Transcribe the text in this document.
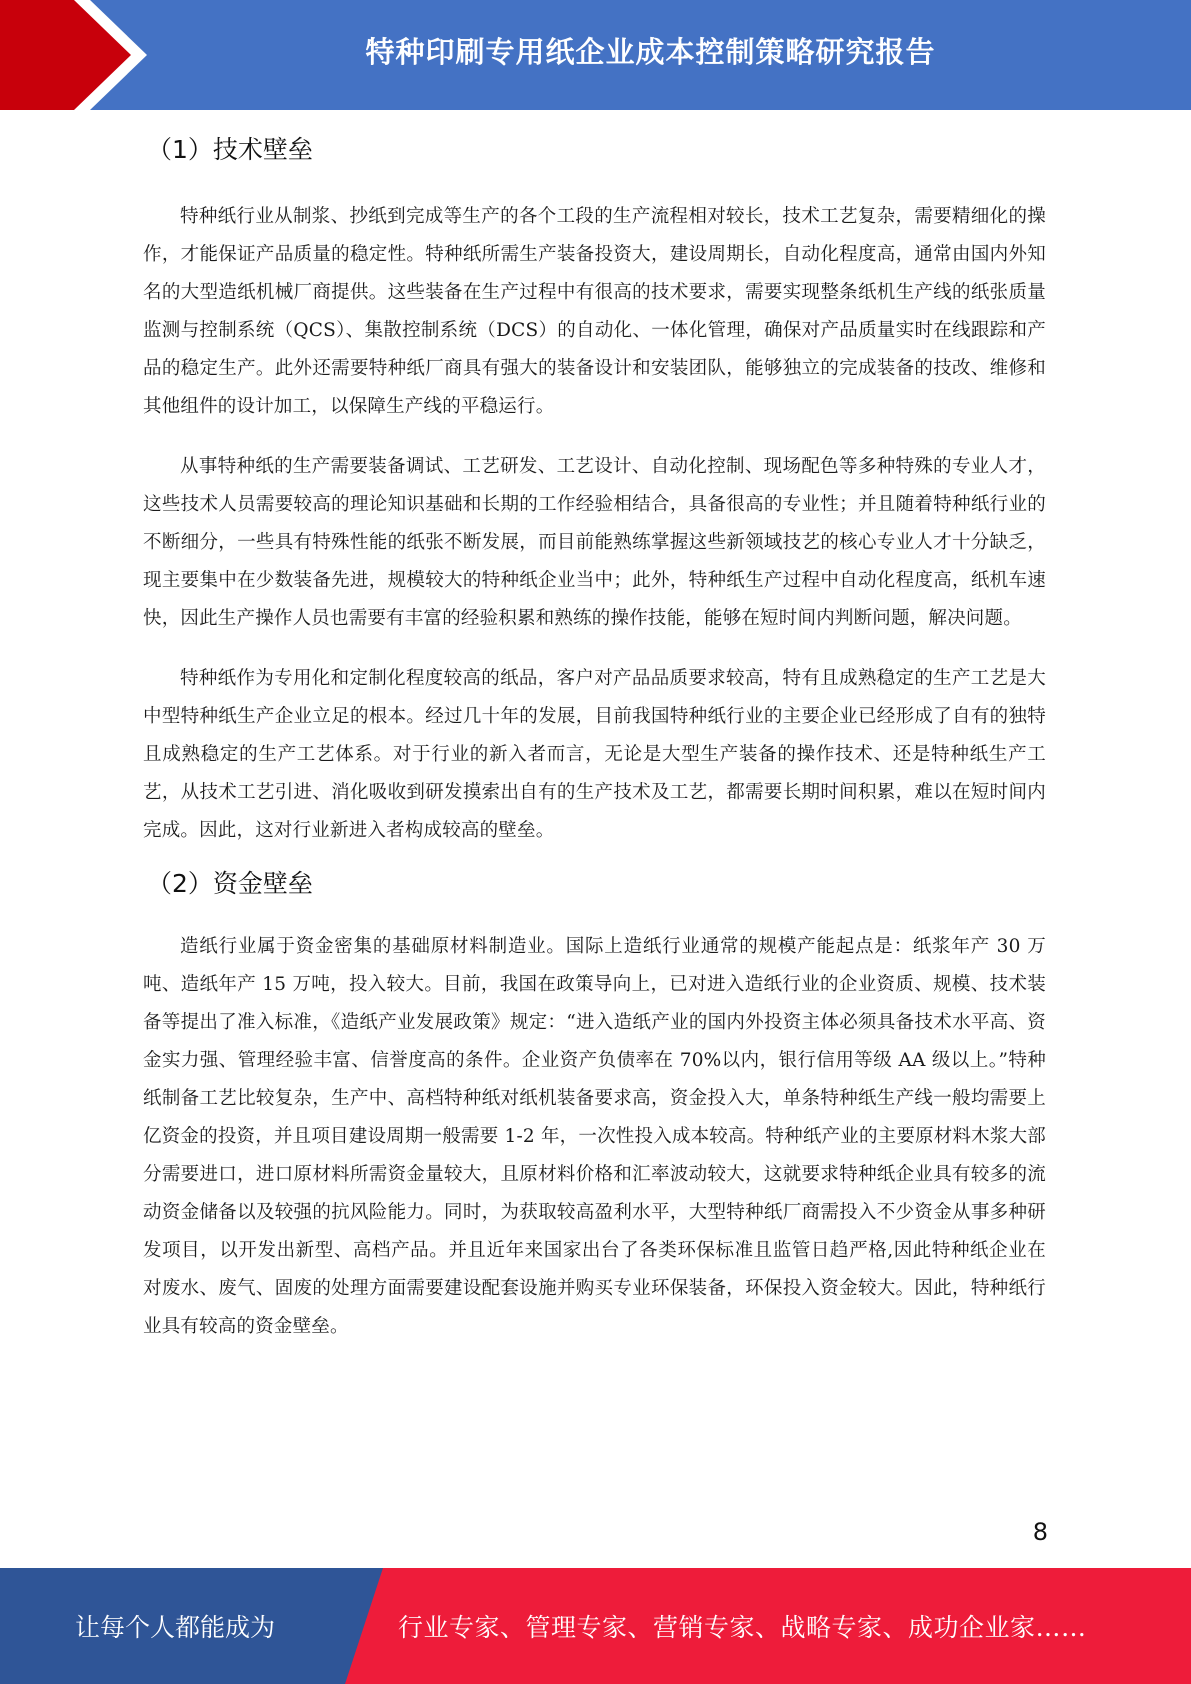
特种印刷专用纸企业成本控制策略研究报告
（1）技术壁垒

特种纸行业从制浆、抄纸到完成等生产的各个工段的生产流程相对较长，技术工艺复杂，需要精细化的操作，才能保证产品质量的稳定性。特种纸所需生产装备投资大，建设周期长，自动化程度高，通常由国内外知名的大型造纸机械厂商提供。这些装备在生产过程中有很高的技术要求，需要实现整条纸机生产线的纸张质量监测与控制系统（QCS）、集散控制系统（DCS）的自动化、一体化管理，确保对产品质量实时在线跟踪和产品的稳定生产。此外还需要特种纸厂商具有强大的装备设计和安装团队，能够独立的完成装备的技改、维修和其他组件的设计加工，以保障生产线的平稳运行。

从事特种纸的生产需要装备调试、工艺研发、工艺设计、自动化控制、现场配色等多种特殊的专业人才，这些技术人员需要较高的理论知识基础和长期的工作经验相结合，具备很高的专业性；并且随着特种纸行业的不断细分，一些具有特殊性能的纸张不断发展，而目前能熟练掌握这些新领域技艺的核心专业人才十分缺乏，现主要集中在少数装备先进，规模较大的特种纸企业当中；此外，特种纸生产过程中自动化程度高，纸机车速快，因此生产操作人员也需要有丰富的经验积累和熟练的操作技能，能够在短时间内判断问题，解决问题。

特种纸作为专用化和定制化程度较高的纸品，客户对产品品质要求较高，特有且成熟稳定的生产工艺是大中型特种纸生产企业立足的根本。经过几十年的发展，目前我国特种纸行业的主要企业已经形成了自有的独特且成熟稳定的生产工艺体系。对于行业的新入者而言，无论是大型生产装备的操作技术、还是特种纸生产工艺，从技术工艺引进、消化吸收到研发摸索出自有的生产技术及工艺，都需要长期时间积累，难以在短时间内完成。因此，这对行业新进入者构成较高的壁垒。

（2）资金壁垒

造纸行业属于资金密集的基础原材料制造业。国际上造纸行业通常的规模产能起点是：纸浆年产 30 万吨、造纸年产 15 万吨，投入较大。目前，我国在政策导向上，已对进入造纸行业的企业资质、规模、技术装备等提出了准入标准，《造纸产业发展政策》规定：“进入造纸产业的国内外投资主体必须具备技术水平高、资金实力强、管理经验丰富、信誉度高的条件。企业资产负债率在 70%以内，银行信用等级 AA 级以上。”特种纸制备工艺比较复杂，生产中、高档特种纸对纸机装备要求高，资金投入大，单条特种纸生产线一般均需要上亿资金的投资，并且项目建设周期一般需要 1-2 年，一次性投入成本较高。特种纸产业的主要原材料木浆大部分需要进口，进口原材料所需资金量较大，且原材料价格和汇率波动较大，这就要求特种纸企业具有较多的流动资金储备以及较强的抗风险能力。同时，为获取较高盈利水平，大型特种纸厂商需投入不少资金从事多种研发项目，以开发出新型、高档产品。并且近年来国家出台了各类环保标准且监管日趋严格,因此特种纸企业在对废水、废气、固废的处理方面需要建设配套设施并购买专业环保装备，环保投入资金较大。因此，特种纸行业具有较高的资金壁垒。

8
让每个人都能成为	行业专家、管理专家、营销专家、战略专家、成功企业家……
